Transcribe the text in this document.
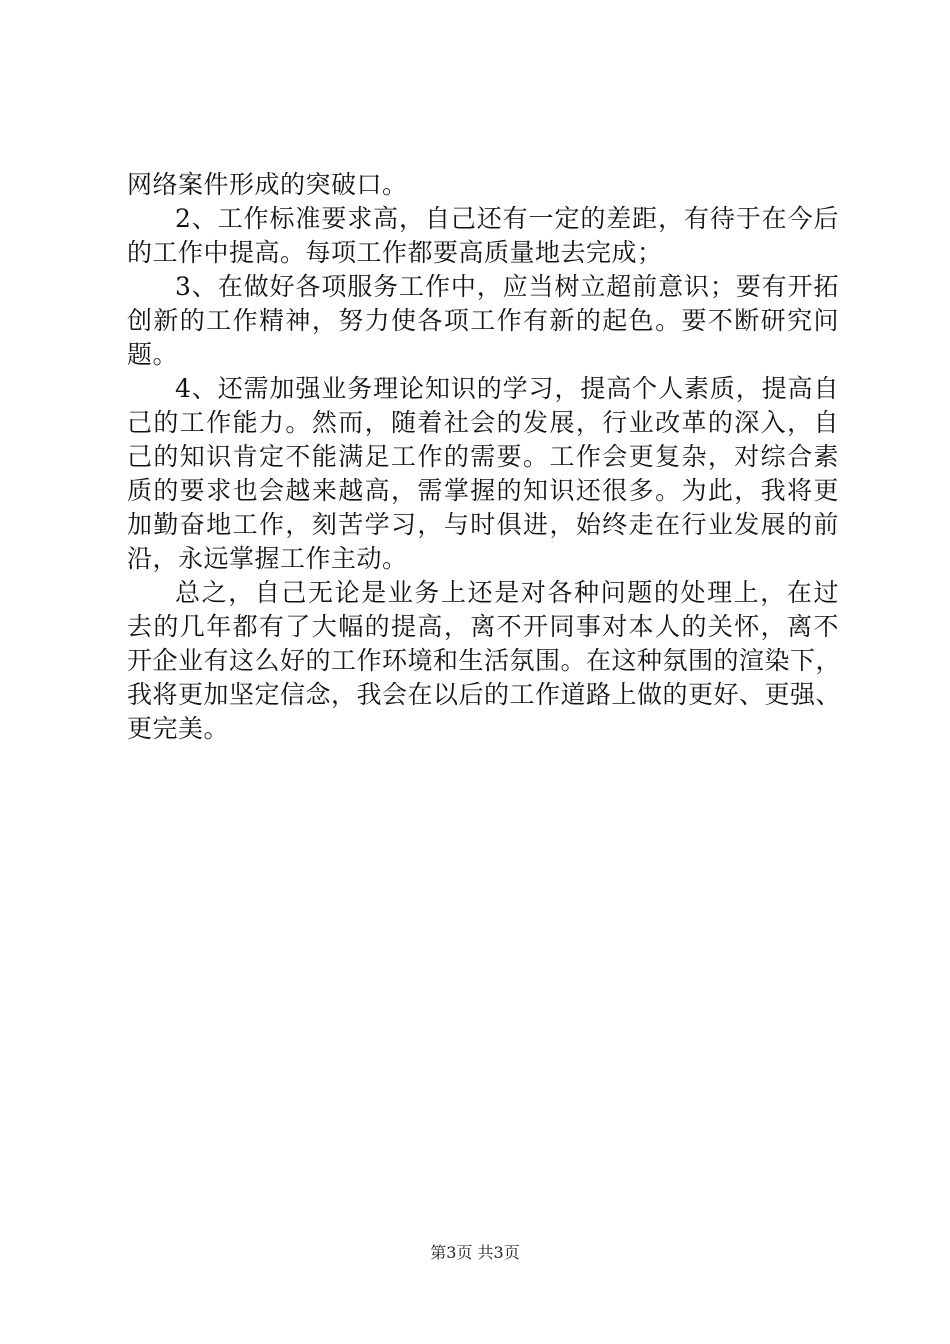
网络案件形成的突破口。
2、工作标准要求高，自己还有一定的差距，有待于在今后
的工作中提高。每项工作都要高质量地去完成；
3、在做好各项服务工作中，应当树立超前意识；要有开拓
创新的工作精神，努力使各项工作有新的起色。要不断研究问
题。
4、还需加强业务理论知识的学习，提高个人素质，提高自
己的工作能力。然而，随着社会的发展，行业改革的深入，自
己的知识肯定不能满足工作的需要。工作会更复杂，对综合素
质的要求也会越来越高，需掌握的知识还很多。为此，我将更
加勤奋地工作，刻苦学习，与时俱进，始终走在行业发展的前
沿，永远掌握工作主动。
总之，自己无论是业务上还是对各种问题的处理上，在过
去的几年都有了大幅的提高，离不开同事对本人的关怀，离不
开企业有这么好的工作环境和生活氛围。在这种氛围的渲染下，
我将更加坚定信念，我会在以后的工作道路上做的更好、更强、
更完美。
第3页 共3页
